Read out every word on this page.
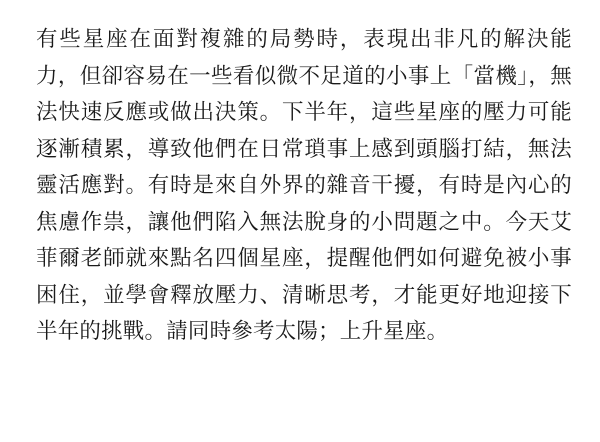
有些星座在面對複雜的局勢時，表現出非凡的解決能力，但卻容易在一些看似微不足道的小事上「當機」，無法快速反應或做出決策。下半年，這些星座的壓力可能逐漸積累，導致他們在日常瑣事上感到頭腦打結，無法靈活應對。有時是來自外界的雜音干擾，有時是內心的焦慮作祟，讓他們陷入無法脫身的小問題之中。今天艾菲爾老師就來點名四個星座，提醒他們如何避免被小事困住，並學會釋放壓力、清晰思考，才能更好地迎接下半年的挑戰。請同時參考太陽；上升星座。
